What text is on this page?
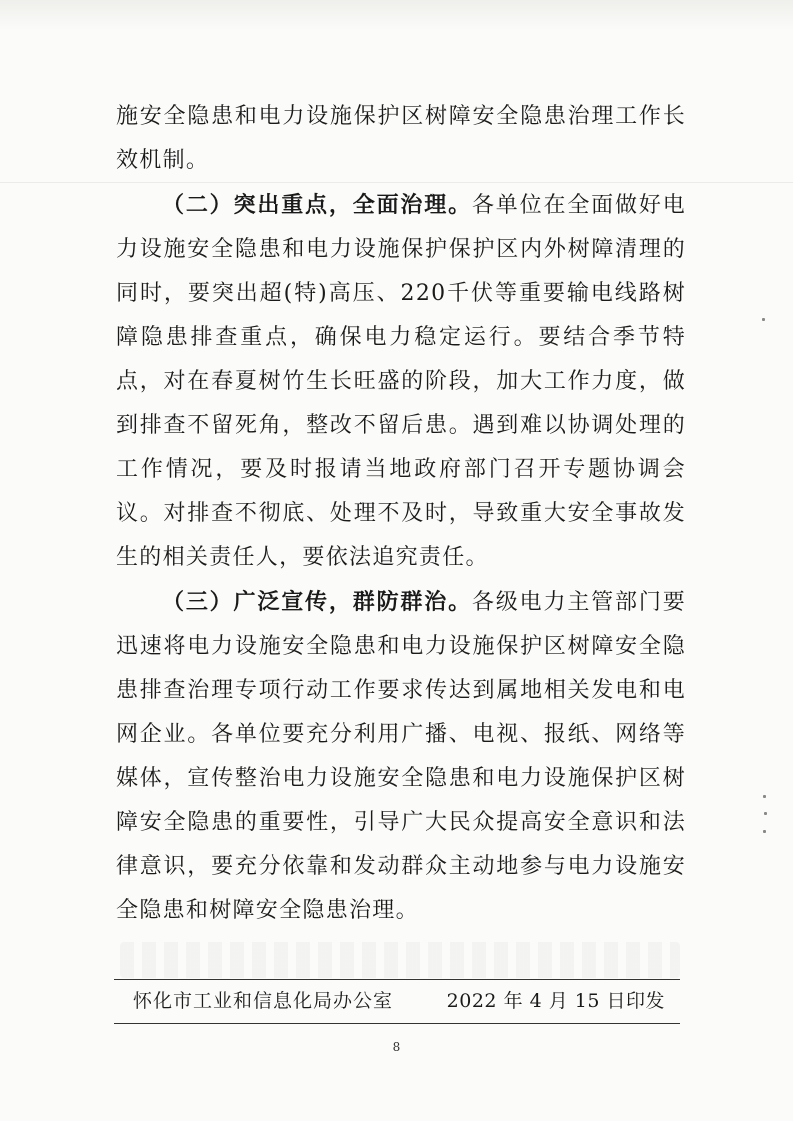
施安全隐患和电力设施保护区树障安全隐患治理工作长效机制。

（二）突出重点，全面治理。各单位在全面做好电力设施安全隐患和电力设施保护保护区内外树障清理的同时，要突出超(特)高压、220千伏等重要输电线路树障隐患排查重点，确保电力稳定运行。要结合季节特点，对在春夏树竹生长旺盛的阶段，加大工作力度，做到排查不留死角，整改不留后患。遇到难以协调处理的工作情况，要及时报请当地政府部门召开专题协调会议。对排查不彻底、处理不及时，导致重大安全事故发生的相关责任人，要依法追究责任。

（三）广泛宣传，群防群治。各级电力主管部门要迅速将电力设施安全隐患和电力设施保护区树障安全隐患排查治理专项行动工作要求传达到属地相关发电和电网企业。各单位要充分利用广播、电视、报纸、网络等媒体，宣传整治电力设施安全隐患和电力设施保护区树障安全隐患的重要性，引导广大民众提高安全意识和法律意识，要充分依靠和发动群众主动地参与电力设施安全隐患和树障安全隐患治理。

怀化市工业和信息化局办公室	2022 年 4 月 15 日印发
8
